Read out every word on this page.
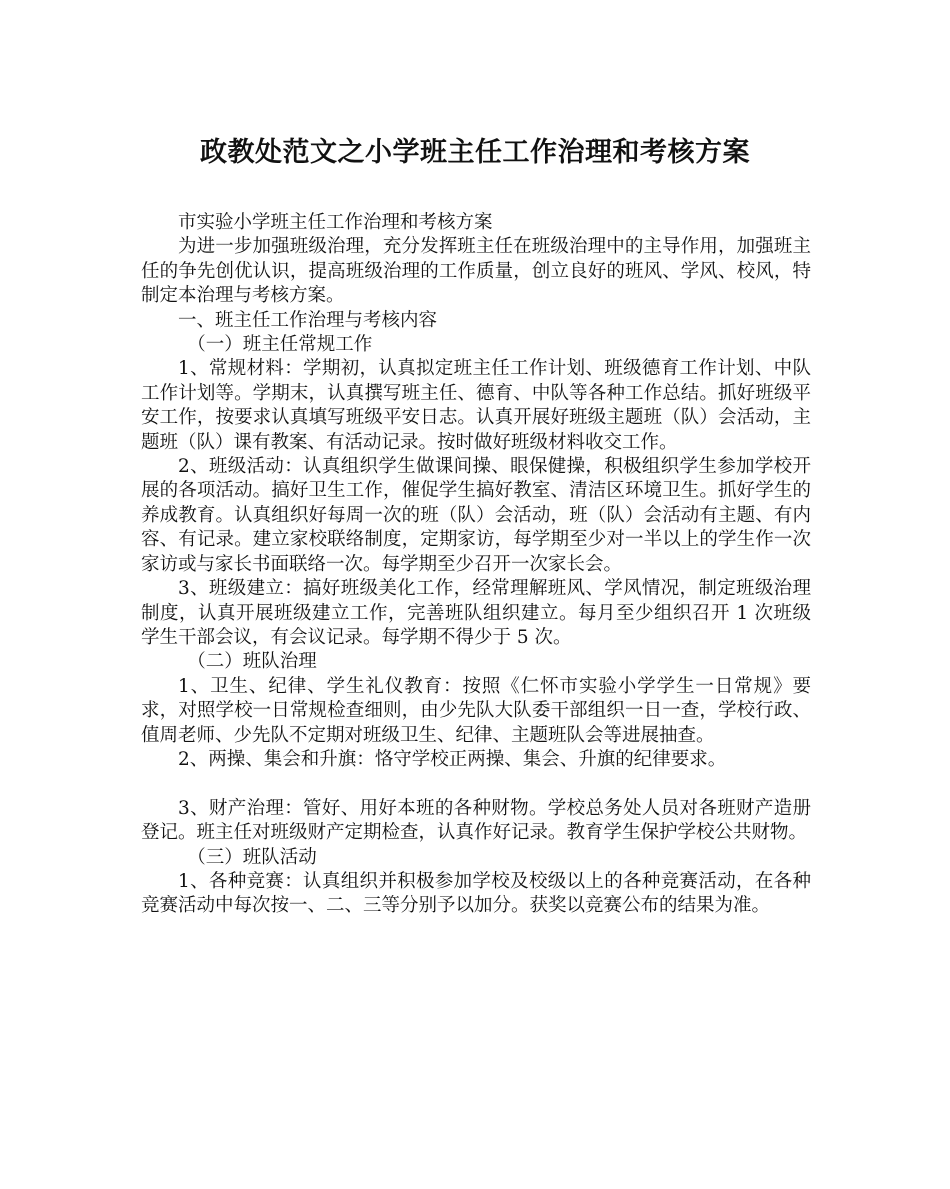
政教处范文之小学班主任工作治理和考核方案

市实验小学班主任工作治理和考核方案

为进一步加强班级治理，充分发挥班主任在班级治理中的主导作用，加强班主任的争先创优认识，提高班级治理的工作质量，创立良好的班风、学风、校风，特制定本治理与考核方案。

一、班主任工作治理与考核内容

（一）班主任常规工作

1、常规材料：学期初，认真拟定班主任工作计划、班级德育工作计划、中队工作计划等。学期末，认真撰写班主任、德育、中队等各种工作总结。抓好班级平安工作，按要求认真填写班级平安日志。认真开展好班级主题班（队）会活动，主题班（队）课有教案、有活动记录。按时做好班级材料收交工作。

2、班级活动：认真组织学生做课间操、眼保健操，积极组织学生参加学校开展的各项活动。搞好卫生工作，催促学生搞好教室、清洁区环境卫生。抓好学生的养成教育。认真组织好每周一次的班（队）会活动，班（队）会活动有主题、有内容、有记录。建立家校联络制度，定期家访，每学期至少对一半以上的学生作一次家访或与家长书面联络一次。每学期至少召开一次家长会。

3、班级建立：搞好班级美化工作，经常理解班风、学风情况，制定班级治理制度，认真开展班级建立工作，完善班队组织建立。每月至少组织召开 1 次班级学生干部会议，有会议记录。每学期不得少于 5 次。

（二）班队治理

1、卫生、纪律、学生礼仪教育：按照《仁怀市实验小学学生一日常规》要求，对照学校一日常规检查细则，由少先队大队委干部组织一日一查，学校行政、值周老师、少先队不定期对班级卫生、纪律、主题班队会等进展抽查。

2、两操、集会和升旗：恪守学校正两操、集会、升旗的纪律要求。

3、财产治理：管好、用好本班的各种财物。学校总务处人员对各班财产造册登记。班主任对班级财产定期检查，认真作好记录。教育学生保护学校公共财物。

（三）班队活动

1、各种竞赛：认真组织并积极参加学校及校级以上的各种竞赛活动，在各种竞赛活动中每次按一、二、三等分别予以加分。获奖以竞赛公布的结果为准。
